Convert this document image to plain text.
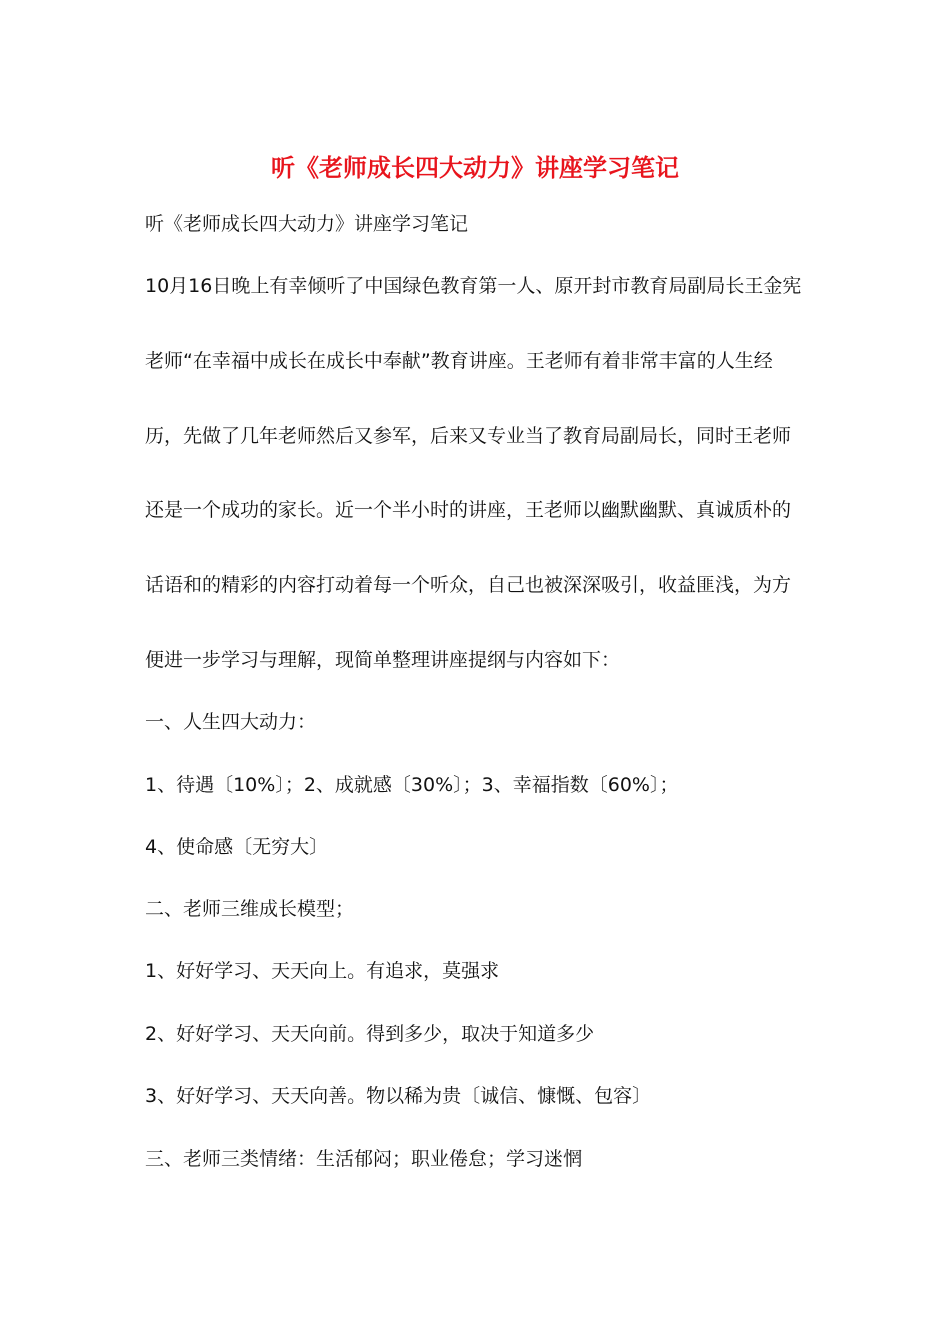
听《老师成长四大动力》讲座学习笔记
听《老师成长四大动力》讲座学习笔记
10月16日晚上有幸倾听了中国绿色教育第一人、原开封市教育局副局长王金宪
老师“在幸福中成长在成长中奉献”教育讲座。王老师有着非常丰富的人生经
历，先做了几年老师然后又参军，后来又专业当了教育局副局长，同时王老师
还是一个成功的家长。近一个半小时的讲座，王老师以幽默幽默、真诚质朴的
话语和的精彩的内容打动着每一个听众，自己也被深深吸引，收益匪浅，为方
便进一步学习与理解，现简单整理讲座提纲与内容如下：
一、人生四大动力：
1、待遇〔10%〕；2、成就感〔30%〕；3、幸福指数〔60%〕；
4、使命感〔无穷大〕
二、老师三维成长模型；
1、好好学习、天天向上。有追求，莫强求
2、好好学习、天天向前。得到多少，取决于知道多少
3、好好学习、天天向善。物以稀为贵〔诚信、慷慨、包容〕
三、老师三类情绪：生活郁闷；职业倦怠；学习迷惘
